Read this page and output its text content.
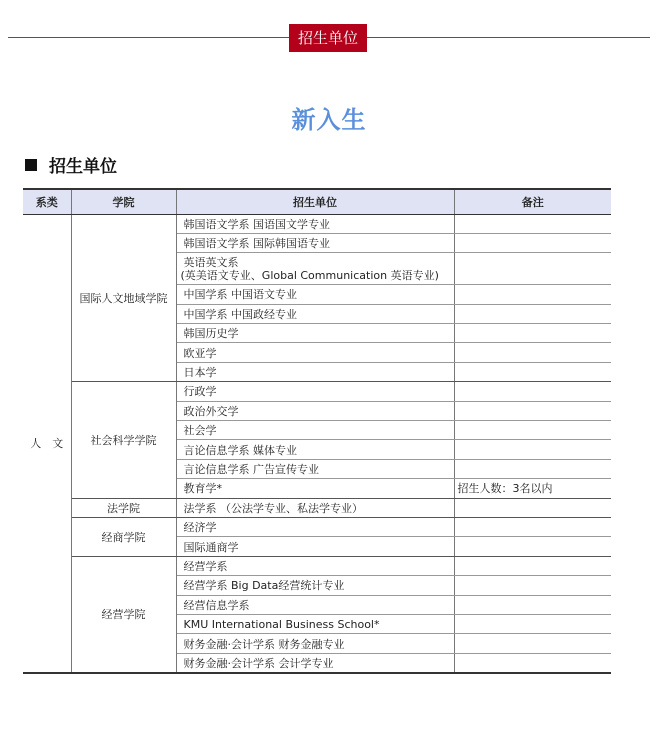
招生单位
新入生
招生单位
系类	学院	招生单位	备注
人　文	国际人文地域学院	韩国语文学系 国语国文学专业	
		韩国语文学系 国际韩国语专业	

		英语英文系
(英美语文专业、Global Communication 英语专业)	

		中国学系 中国语文专业	
		中国学系 中国政经专业	
		韩国历史学	
		欧亚学	
		日本学	
	社会科学学院	行政学	
		政治外交学	
		社会学	
		言论信息学系 媒体专业	
		言论信息学系 广告宣传专业	
		教育学*	招生人数：3名以内
	法学院	法学系 （公法学专业、私法学专业）	
	经商学院	经济学	
		国际通商学	
	经营学院	经营学系	
		经营学系 Big Data经营统计专业	
		经营信息学系	
		KMU International Business School*	
		财务金融·会计学系 财务金融专业	
		财务金融·会计学系 会计学专业	
